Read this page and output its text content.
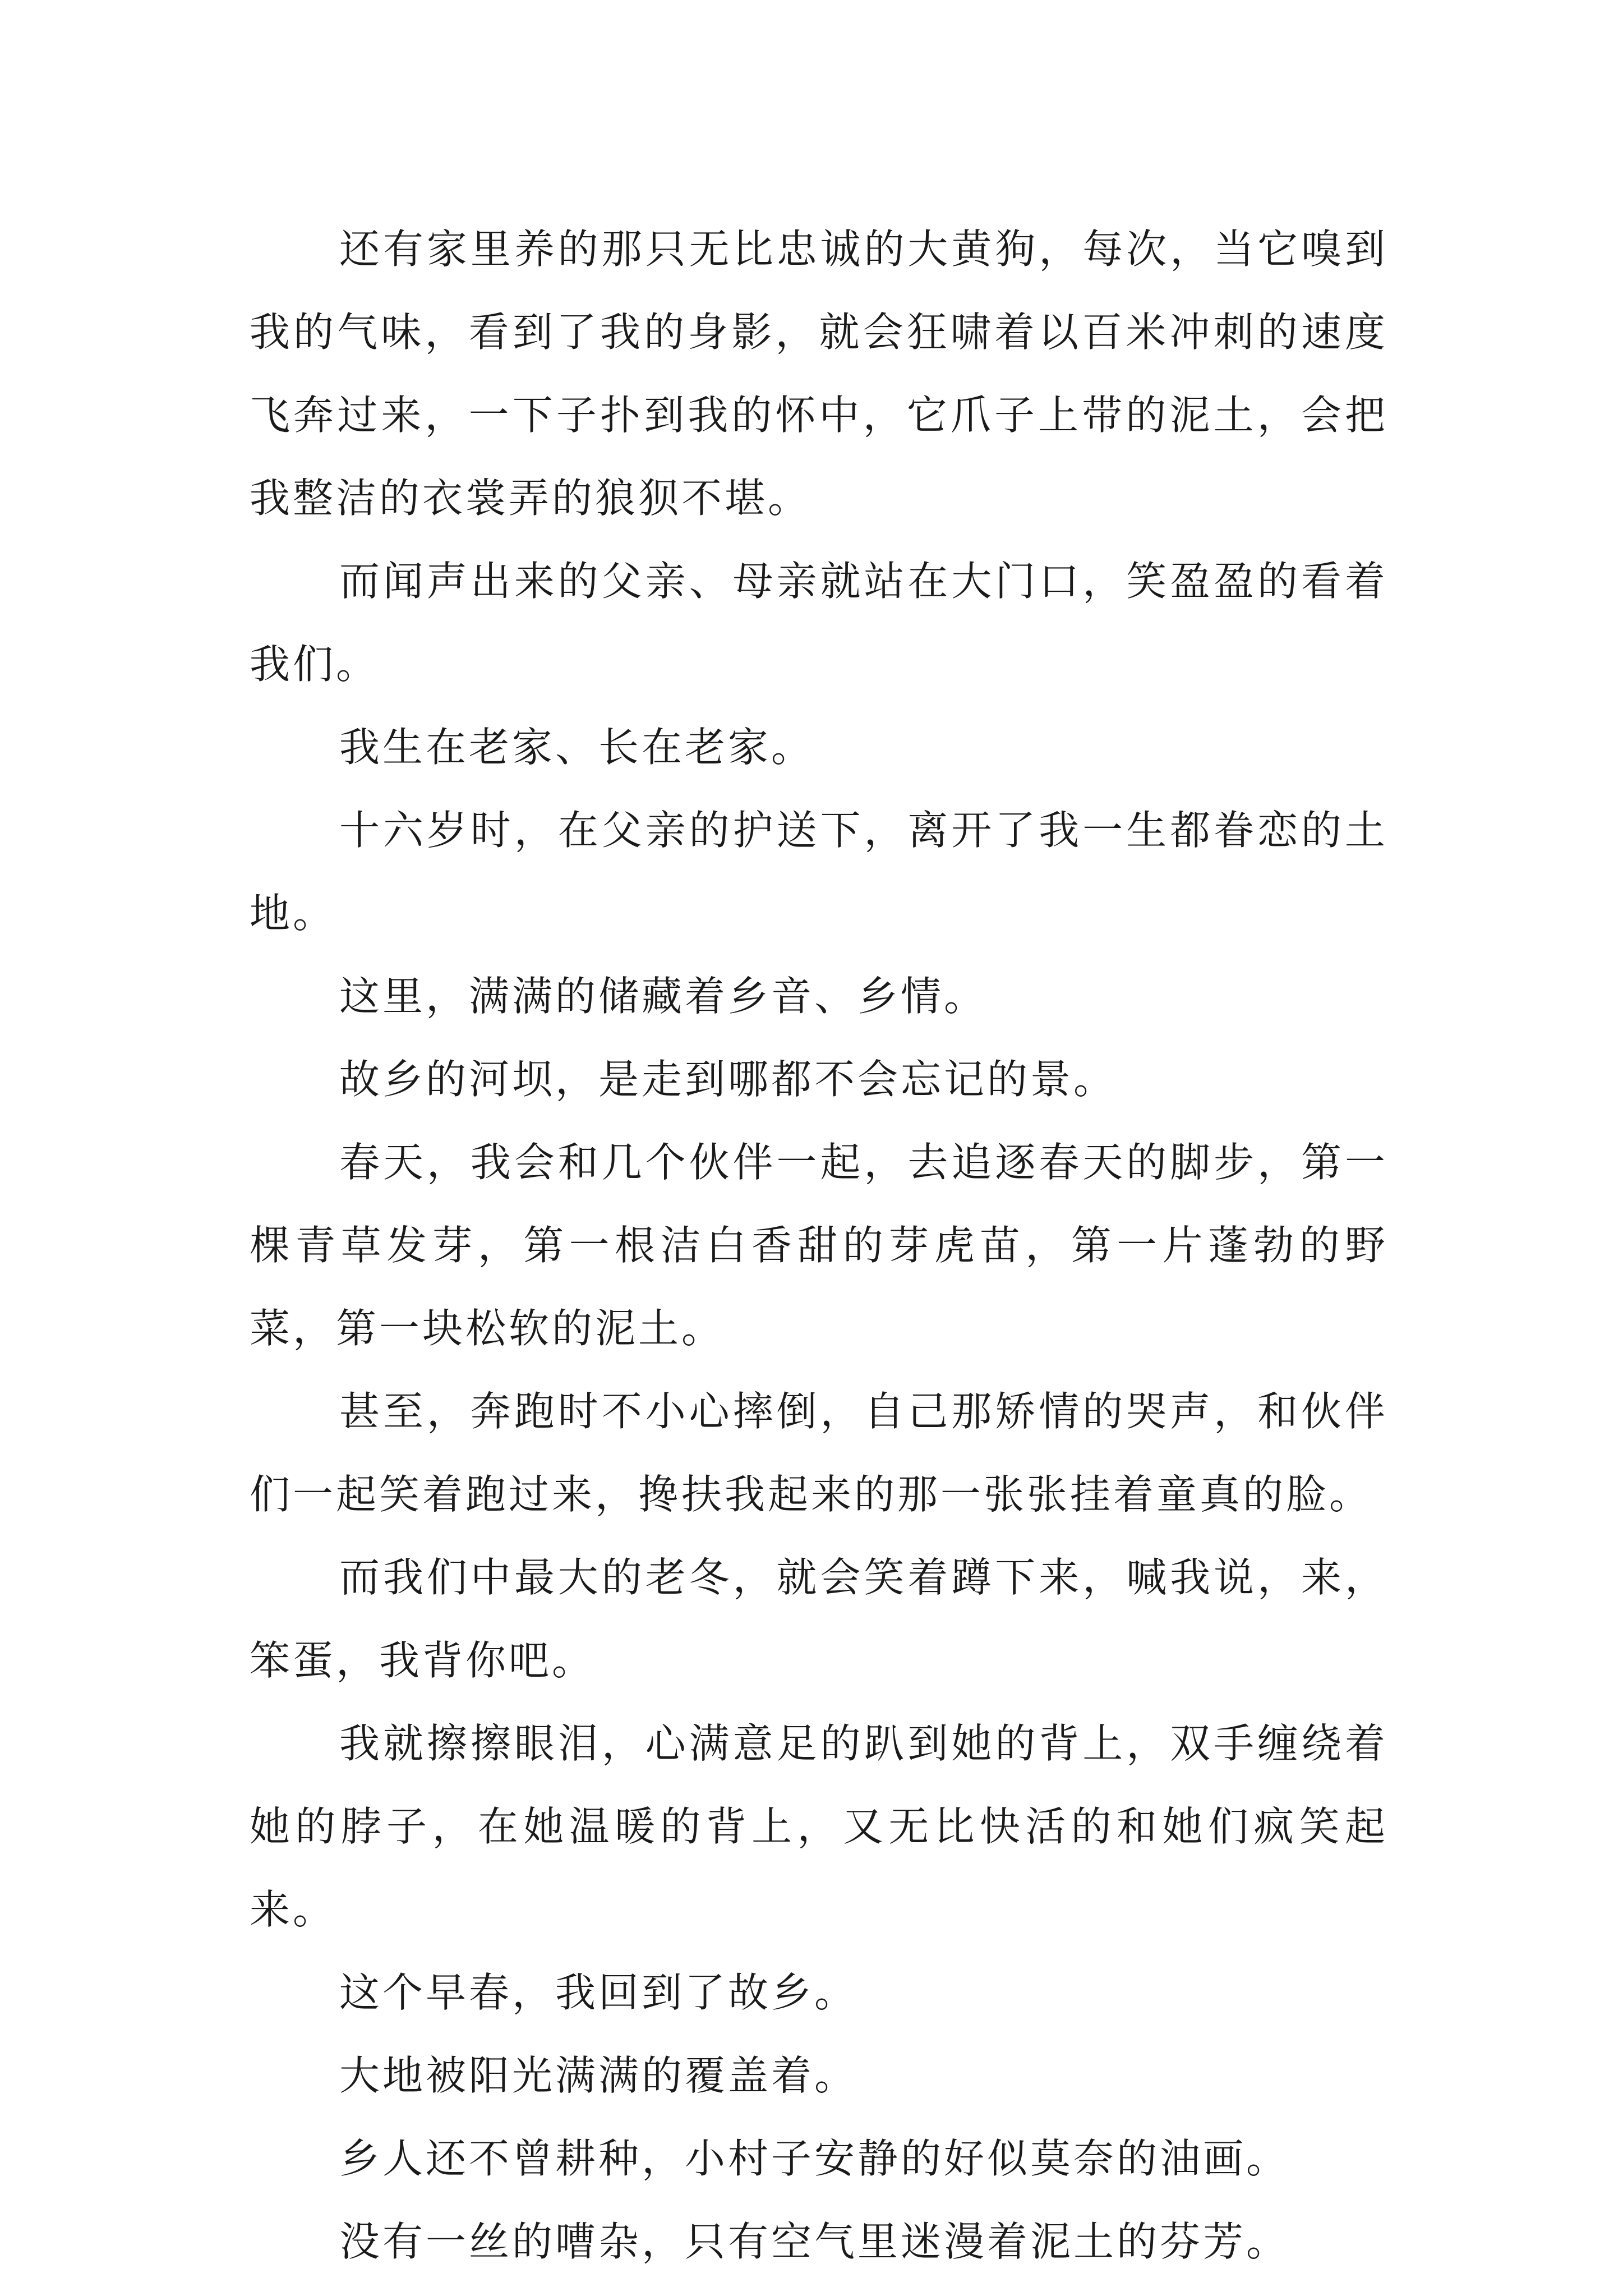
还有家里养的那只无比忠诚的大黄狗，每次，当它嗅到我的气味，看到了我的身影，就会狂啸着以百米冲刺的速度飞奔过来，一下子扑到我的怀中，它爪子上带的泥土，会把我整洁的衣裳弄的狼狈不堪。

而闻声出来的父亲、母亲就站在大门口，笑盈盈的看着我们。

我生在老家、长在老家。

十六岁时，在父亲的护送下，离开了我一生都眷恋的土地。

这里，满满的储藏着乡音、乡情。

故乡的河坝，是走到哪都不会忘记的景。

春天，我会和几个伙伴一起，去追逐春天的脚步，第一棵青草发芽，第一根洁白香甜的芽虎苗，第一片蓬勃的野菜，第一块松软的泥土。

甚至，奔跑时不小心摔倒，自己那矫情的哭声，和伙伴们一起笑着跑过来，搀扶我起来的那一张张挂着童真的脸。

而我们中最大的老冬，就会笑着蹲下来，喊我说，来，笨蛋，我背你吧。

我就擦擦眼泪，心满意足的趴到她的背上，双手缠绕着她的脖子，在她温暖的背上，又无比快活的和她们疯笑起来。

这个早春，我回到了故乡。

大地被阳光满满的覆盖着。

乡人还不曾耕种，小村子安静的好似莫奈的油画。

没有一丝的嘈杂，只有空气里迷漫着泥土的芬芳。
